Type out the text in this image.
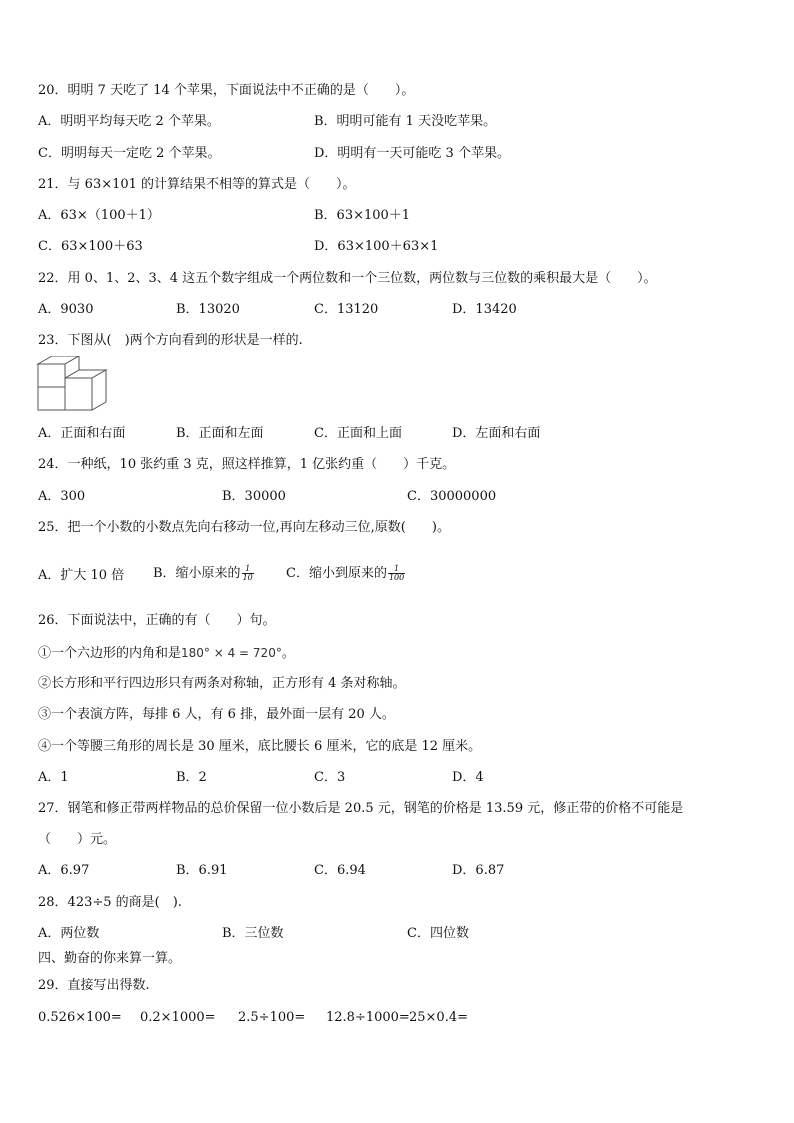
20．明明 7 天吃了 14 个苹果，下面说法中不正确的是（　　）。
A．明明平均每天吃 2 个苹果。	B．明明可能有 1 天没吃苹果。
C．明明每天一定吃 2 个苹果。	D．明明有一天可能吃 3 个苹果。
21．与 63×101 的计算结果不相等的算式是（　　）。
A．63×（100＋1）	B．63×100＋1
C．63×100＋63	D．63×100＋63×1
22．用 0、1、2、3、4 这五个数字组成一个两位数和一个三位数，两位数与三位数的乘积最大是（　　）。
A．9030	B．13020	C．13120	D．13420
23．下图从(　)两个方向看到的形状是一样的.
A．正面和右面	B．正面和左面	C．正面和上面	D．左面和右面
24．一种纸，10 张约重 3 克，照这样推算，1 亿张约重（　　）千克。
A．300	B．30000	C．30000000
25．把一个小数的小数点先向右移动一位,再向左移动三位,原数(　　)。
A．扩大 10 倍 B．缩小原来的 $\frac{1}{10}$ C．缩小到原来的 $\frac{1}{100}$
26．下面说法中，正确的有（　　）句。
①一个六边形的内角和是180° × 4 = 720°。
②长方形和平行四边形只有两条对称轴，正方形有 4 条对称轴。
③一个表演方阵，每排 6 人，有 6 排，最外面一层有 20 人。
④一个等腰三角形的周长是 30 厘米，底比腰长 6 厘米，它的底是 12 厘米。
A．1	B．2	C．3	D．4
27．钢笔和修正带两样物品的总价保留一位小数后是 20.5 元，钢笔的价格是 13.59 元，修正带的价格不可能是
（　　）元。
A．6.97	B．6.91	C．6.94	D．6.87
28．423÷5 的商是(　).
A．两位数	B．三位数	C．四位数
四、勤奋的你来算一算。
29．直接写出得数.
0.526×100= 0.2×1000= 2.5÷100= 12.8÷1000= 25×0.4=
